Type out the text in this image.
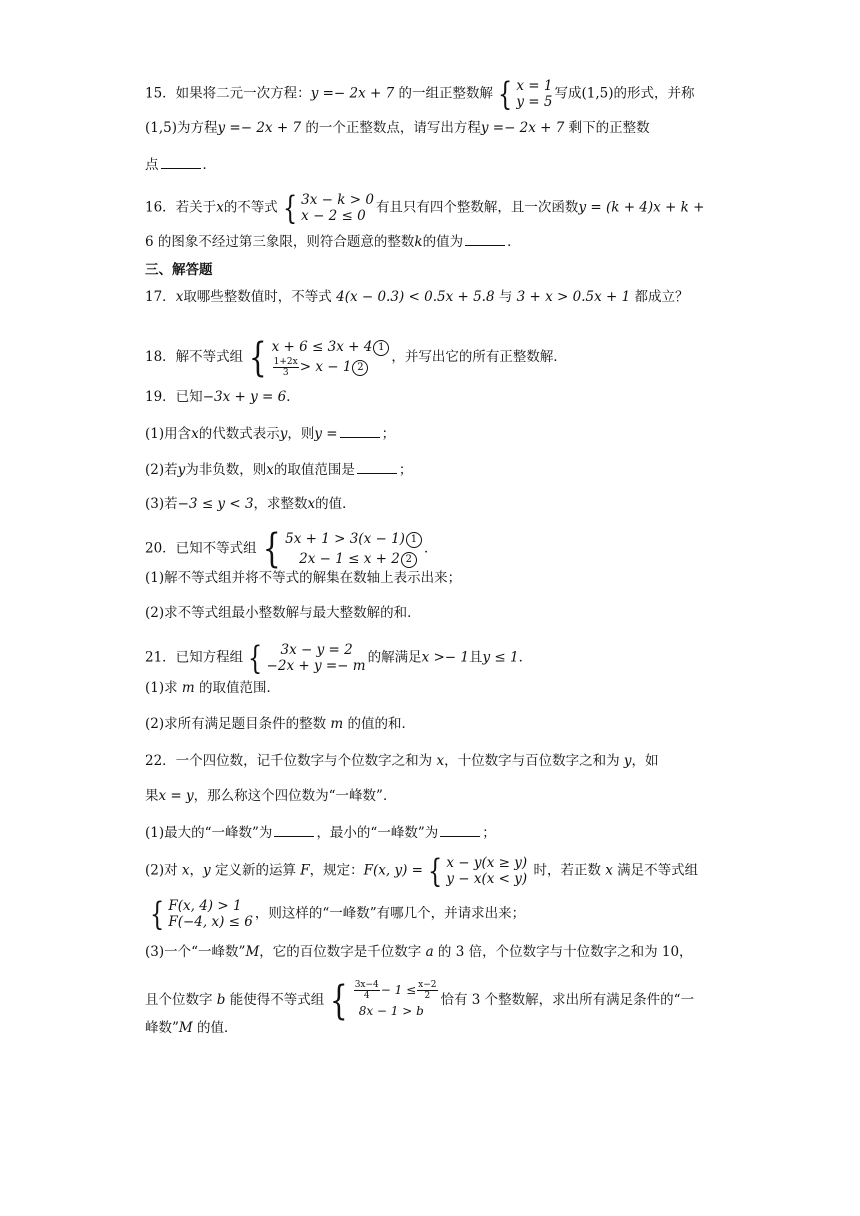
15．如果将二元一次方程：y =− 2x + 7 的一组正整数解 { x = 1
y = 5
写成(1,5)的形式，并称
(1,5)为方程y =− 2x + 7 的一个正整数点，请写出方程y =− 2x + 7 剩下的正整数
点	．
16．若关于x的不等式 { 3x − k > 0
x − 2 ≤ 0
有且只有四个整数解，且一次函数y = (k + 4)x + k +
6 的图象不经过第三象限，则符合题意的整数k的值为	．
三、解答题
17．x取哪些整数值时，不等式 4(x − 0.3) < 0.5x + 5.8 与 3 + x > 0.5x + 1 都成立？
18．解不等式组 { x + 6 ≤ 3x + 4 1
$\frac{1+2x}{3} > x - 1$ 2
，并写出它的所有正整数解．
19．已知−3x + y = 6．
(1)用含x的代数式表示y，则y =	；
(2)若y为非负数，则x的取值范围是	；
(3)若−3 ≤ y < 3，求整数x的值．
20．已知不等式组 { 5x + 1 > 3(x − 1) 1
2x − 1 ≤ x + 2 2
．
(1)解不等式组并将不等式的解集在数轴上表示出来；
(2)求不等式组最小整数解与最大整数解的和．
21．已知方程组 {	3x − y = 2
−2x + y =− m
的解满足x >− 1且y ≤ 1．
(1)求 m 的取值范围．
(2)求所有满足题目条件的整数 m 的值的和．
22．一个四位数，记千位数字与个位数字之和为 x，十位数字与百位数字之和为 y，如
果x = y，那么称这个四位数为“一峰数”．
(1)最大的“一峰数”为	，最小的“一峰数”为	；
(2)对 x，y 定义新的运算 F，规定：F(x, y) = { x − y(x ≥ y)
y − x(x < y)
时，若正数 x 满足不等式组
{ F(x, 4) > 1
F(−4, x) ≤ 6
，则这样的“一峰数”有哪几个，并请求出来；
(3)一个“一峰数”M，它的百位数字是千位数字 a 的 3 倍，个位数字与十位数字之和为 10，
且个位数字 b 能使得不等式组 { $\frac{3x-4}{4} - 1 \le \frac{x-2}{2}$
8x − 1 > b
恰有 3 个整数解，求出所有满足条件的“一
峰数”M 的值．
